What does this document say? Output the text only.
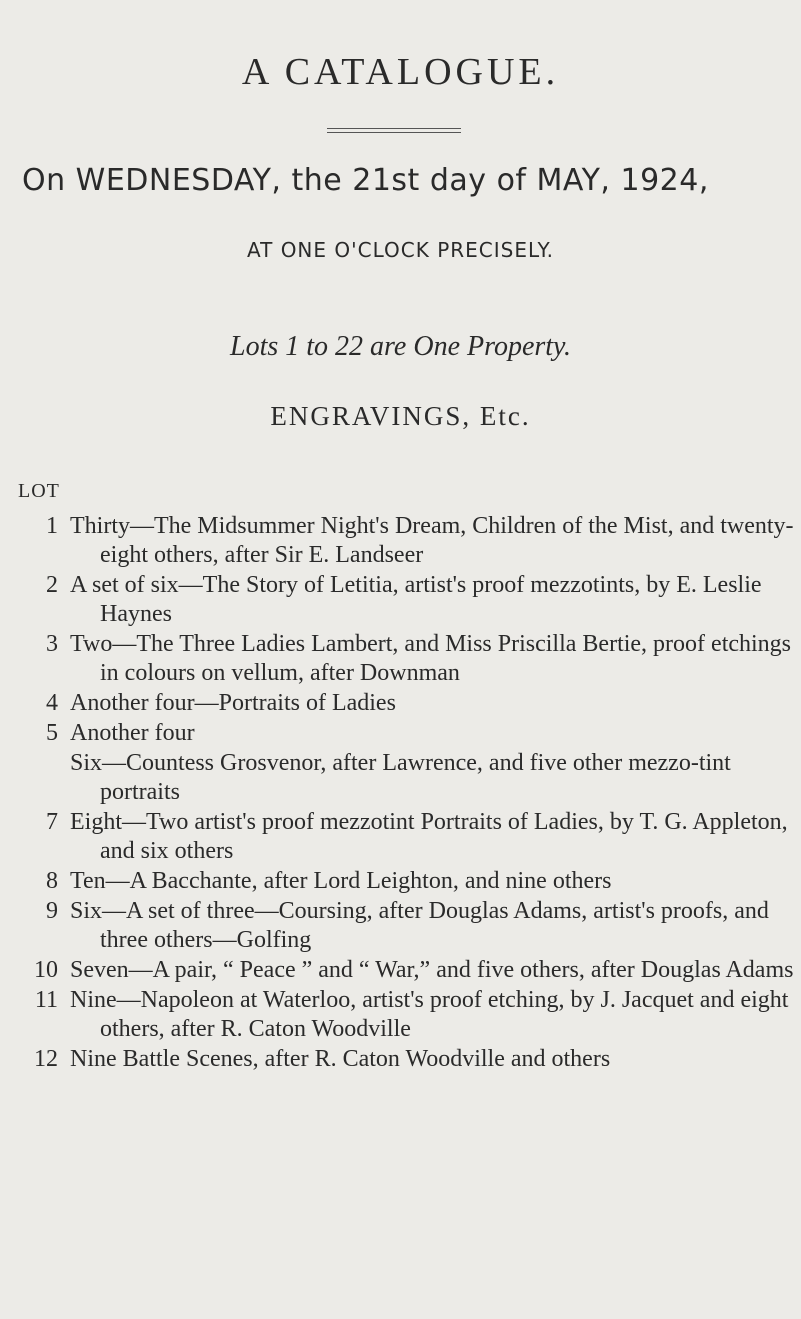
A CATALOGUE.
On WEDNESDAY, the 21st day of MAY, 1924,
AT ONE O'CLOCK PRECISELY.
Lots 1 to 22 are One Property.
ENGRAVINGS, Etc.
LOT
1 Thirty—The Midsummer Night's Dream, Children of the Mist, and twenty-eight others, after Sir E. Landseer
2 A set of six—The Story of Letitia, artist's proof mezzotints, by E. Leslie Haynes
3 Two—The Three Ladies Lambert, and Miss Priscilla Bertie, proof etchings in colours on vellum, after Downman
4 Another four—Portraits of Ladies
5 Another four
Six—Countess Grosvenor, after Lawrence, and five other mezzo-tint portraits
7 Eight—Two artist's proof mezzotint Portraits of Ladies, by T. G. Appleton, and six others
8 Ten—A Bacchante, after Lord Leighton, and nine others
9 Six—A set of three—Coursing, after Douglas Adams, artist's proofs, and three others—Golfing
10 Seven—A pair, “ Peace ” and “ War,” and five others, after Douglas Adams
11 Nine—Napoleon at Waterloo, artist's proof etching, by J. Jacquet and eight others, after R. Caton Woodville
12 Nine Battle Scenes, after R. Caton Woodville and others
